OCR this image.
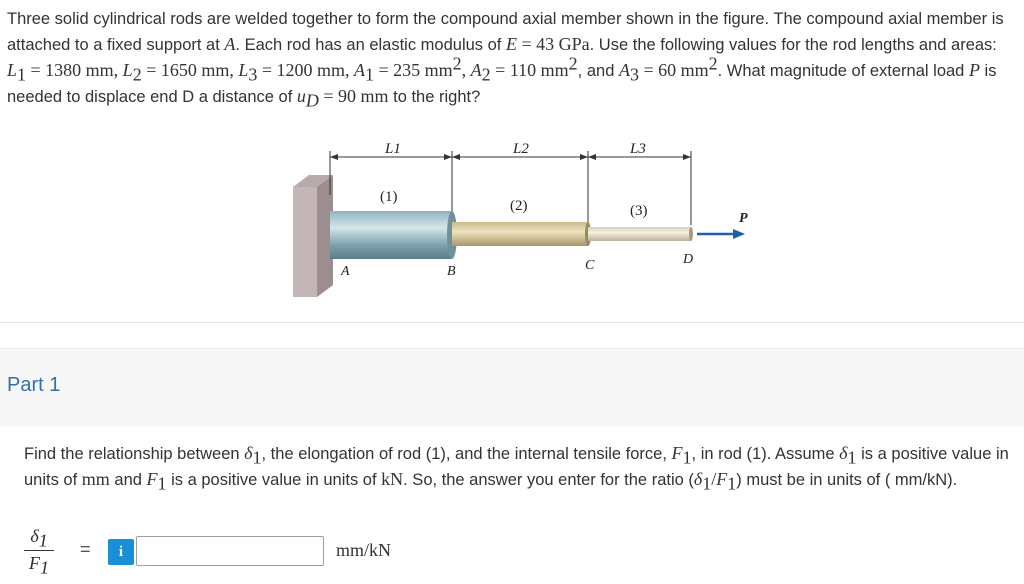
Three solid cylindrical rods are welded together to form the compound axial member shown in the figure. The compound axial member is attached to a fixed support at A. Each rod has an elastic modulus of E = 43 GPa. Use the following values for the rod lengths and areas: $L_1 = 1380$ mm, $L_2 = 1650$ mm, $L_3 = 1200$ mm, $A_1 = 235$ $mm^2$, $A_2 = 110$ $mm^2$, and $A_3 = 60$ $mm^2$. What magnitude of external load P is needed to displace end D a distance of $u_D = 90$ mm to the right?
L1	L2	L3
(1)
(2)	(3)
A	B	C	D
P
Part 1
Find the relationship between $\delta_1$, the elongation of rod (1), and the internal tensile force, $F_1$, in rod (1). Assume $\delta_1$ is a positive value in units of mm and $F_1$ is a positive value in units of kN. So, the answer you enter for the ratio $(\delta_1/F_1)$ must be in units of ( mm/kN).
$\delta_1$
$F_1$
=	i	mm/kN
